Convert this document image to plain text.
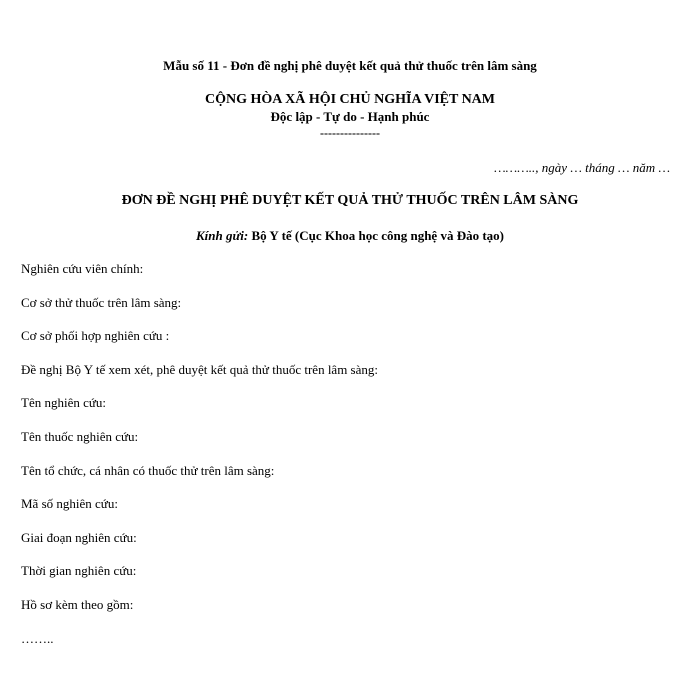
Mẫu số 11 - Đơn đề nghị phê duyệt kết quả thử thuốc trên lâm sàng
CỘNG HÒA XÃ HỘI CHỦ NGHĨA VIỆT NAM
Độc lập - Tự do - Hạnh phúc
---------------
……….., ngày … tháng … năm …
ĐƠN ĐỀ NGHỊ PHÊ DUYỆT KẾT QUẢ THỬ THUỐC TRÊN LÂM SÀNG
Kính gửi: Bộ Y tế (Cục Khoa học công nghệ và Đào tạo)
Nghiên cứu viên chính:
Cơ sở thử thuốc trên lâm sàng:
Cơ sở phối hợp nghiên cứu :
Đề nghị Bộ Y tế xem xét, phê duyệt kết quả thử thuốc trên lâm sàng:
Tên nghiên cứu:
Tên thuốc nghiên cứu:
Tên tổ chức, cá nhân có thuốc thử trên lâm sàng:
Mã số nghiên cứu:
Giai đoạn nghiên cứu:
Thời gian nghiên cứu:
Hồ sơ kèm theo gồm:
……..
